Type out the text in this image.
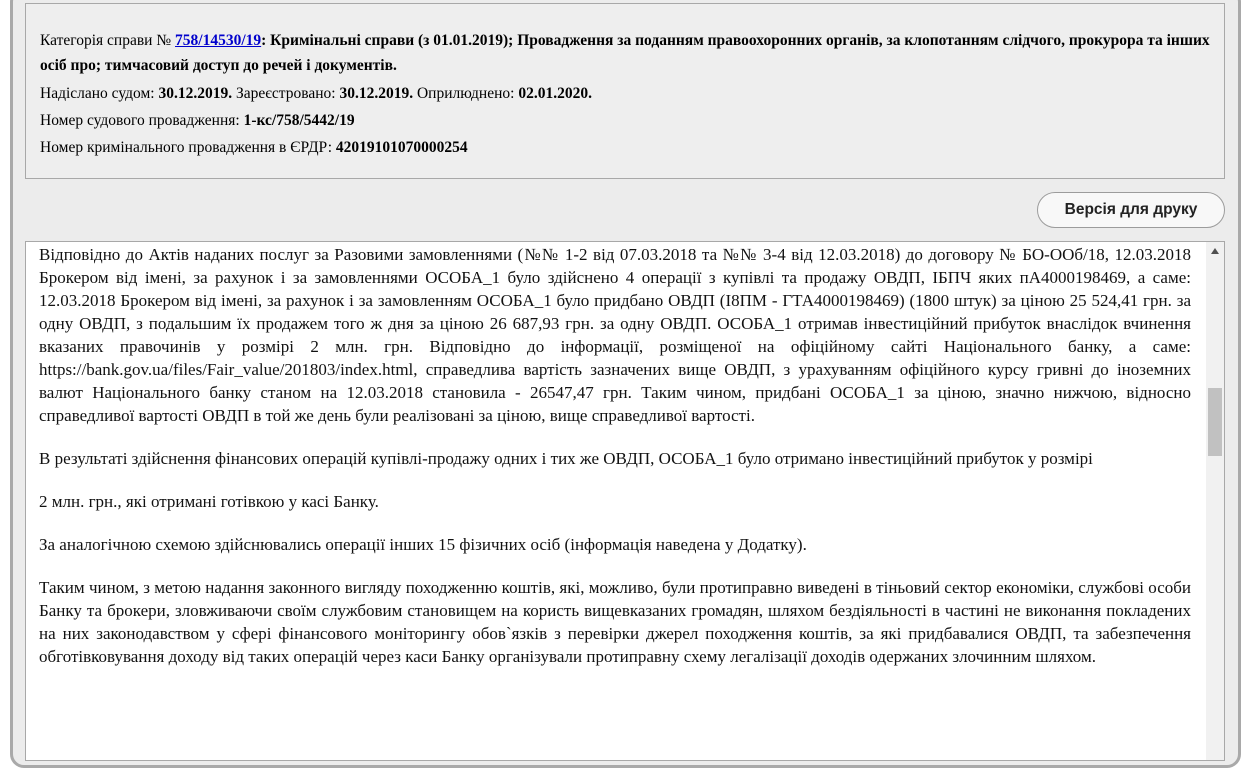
Категорія справи № 758/14530/19: Кримінальні справи (з 01.01.2019); Провадження за поданням правоохоронних органів, за клопотанням слідчого, прокурора та інших осіб про; тимчасовий доступ до речей і документів.
Надіслано судом: 30.12.2019. Зареєстровано: 30.12.2019. Оприлюднено: 02.01.2020.
Номер судового провадження: 1-кс/758/5442/19
Номер кримінального провадження в ЄРДР: 42019101070000254
Версія для друку

Відповідно до Актів наданих послуг за Разовими замовленнями (№№ 1-2 від 07.03.2018 та №№ 3-4 від 12.03.2018) до договору № БО-ООб/18, 12.03.2018 Брокером від імені, за рахунок і за замовленнями ОСОБА_1 було здійснено 4 операції з купівлі та продажу ОВДП, ІБПЧ яких пА4000198469, а саме: 12.03.2018 Брокером від імені, за рахунок і за замовленням ОСОБА_1 було придбано ОВДП (І8ПМ - ГТА4000198469) (1800 штук) за ціною 25 524,41 грн. за одну ОВДП, з подальшим їх продажем того ж дня за ціною 26 687,93 грн. за одну ОВДП. ОСОБА_1 отримав інвестиційний прибуток внаслідок вчинення вказаних правочинів у розмірі 2 млн. грн. Відповідно до інформації, розміщеної на офіційному сайті Національного банку, а саме: https://bank.gov.ua/files/Fair_value/201803/index.html, справедлива вартість зазначених вище ОВДП, з урахуванням офіційного курсу гривні до іноземних валют Національного банку станом на 12.03.2018 становила - 26547,47 грн. Таким чином, придбані ОСОБА_1 за ціною, значно нижчою, відносно справедливої вартості ОВДП в той же день були реалізовані за ціною, вище справедливої вартості.

В результаті здійснення фінансових операцій купівлі-продажу одних і тих же ОВДП, ОСОБА_1 було отримано інвестиційний прибуток у розмірі

2 млн. грн., які отримані готівкою у касі Банку.

За аналогічною схемою здійснювались операції інших 15 фізичних осіб (інформація наведена у Додатку).

Таким чином, з метою надання законного вигляду походженню коштів, які, можливо, були протиправно виведені в тіньовий сектор економіки, службові особи Банку та брокери, зловживаючи своїм службовим становищем на користь вищевказаних громадян, шляхом бездіяльності в частині не виконання покладених на них законодавством у сфері фінансового моніторингу обов`язків з перевірки джерел походження коштів, за які придбавалися ОВДП, та забезпечення обготівковування доходу від таких операцій через каси Банку організували протиправну схему легалізації доходів одержаних злочинним шляхом.
